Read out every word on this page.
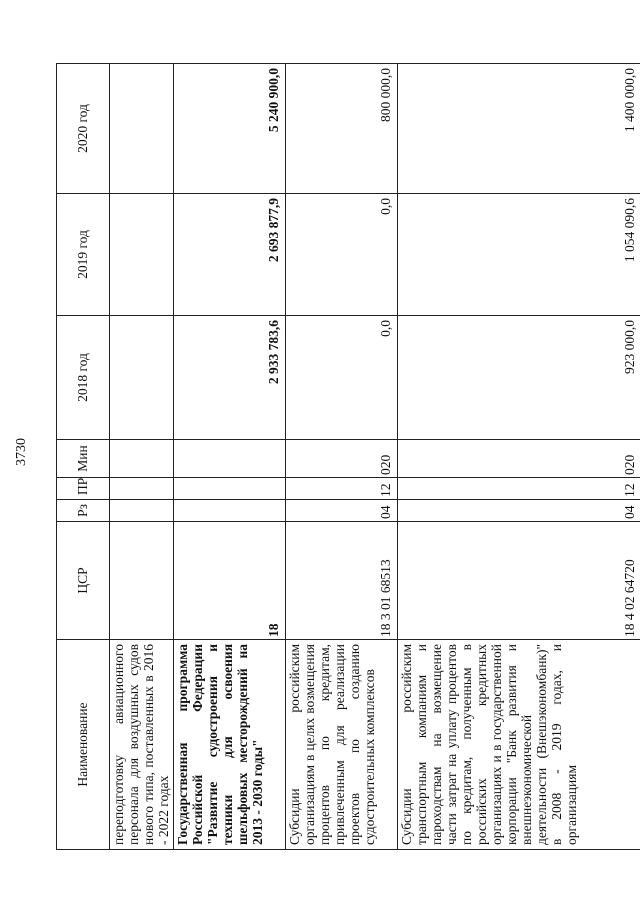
3730
Наименование	ЦСР	Рз	ПР	Мин	2018 год	2019 год	2020 год
переподготовку авиационного персонала для воздушных судов нового типа, поставленных в 2016 - 2022 годах							
Государственная программа Российской Федерации "Развитие судостроения и техники для освоения шельфовых месторождений на 2013 - 2030 годы"	18				2 933 783,6	2 693 877,9	5 240 900,0
Субсидии российским организациям в целях возмещения процентов по кредитам, привлеченным для реализации проектов по созданию судостроительных комплексов	18 3 01 68513	04	12	020	0,0	0,0	800 000,0
Субсидии российским транспортным компаниям и пароходствам на возмещение части затрат на уплату процентов по кредитам, полученным в российских кредитных организациях и в государственной корпорации "Банк развития и внешнеэкономической деятельности (Внешэкономбанк)" в 2008 - 2019 годах, и организациям	18 4 02 64720	04	12	020	923 000,0	1 054 090,6	1 400 000,0
